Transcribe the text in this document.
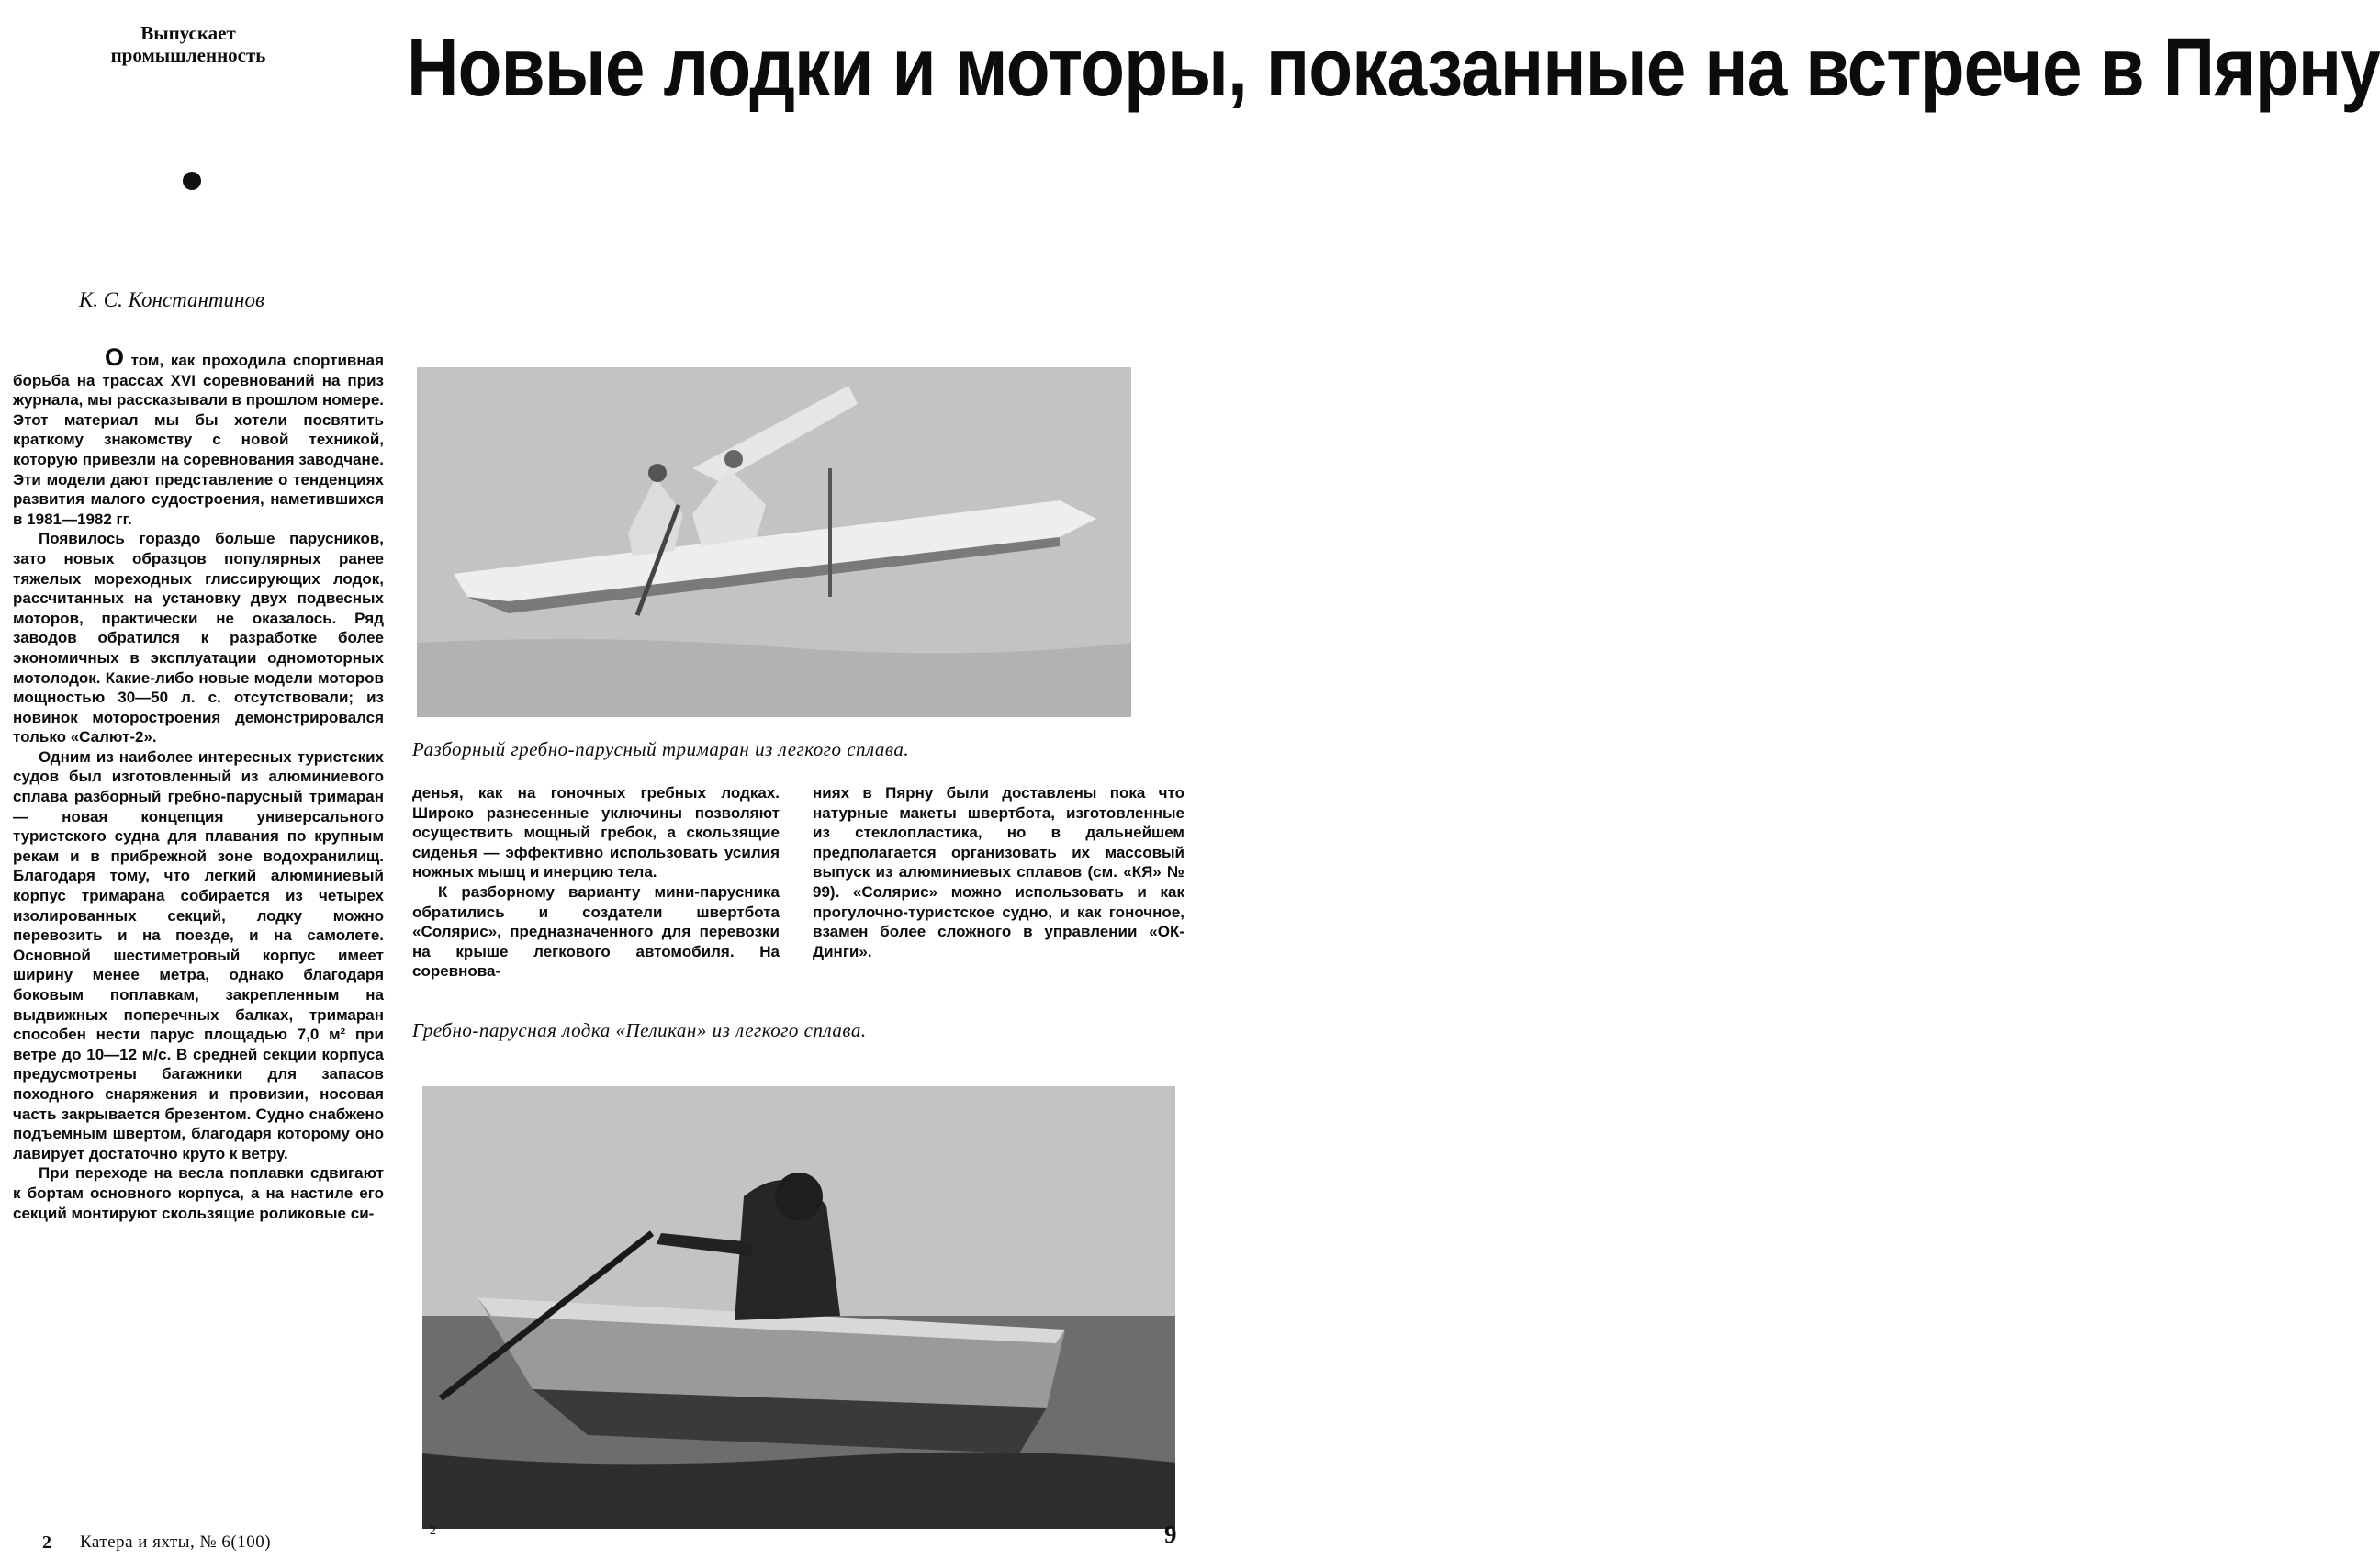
Выпускает промышленность
К. С. Константинов
Новые лодки и моторы, показанные на встрече в Пярну

О том, как проходила спортивная борьба на трассах XVI соревнований на приз журнала, мы рассказывали в прошлом номере. Этот материал мы бы хотели посвятить краткому знакомству с новой техникой, которую привезли на соревнования заводчане. Эти модели дают представление о тенденциях развития малого судостроения, наметившихся в 1981—1982 гг.

Появилось гораздо больше парусников, зато новых образцов популярных ранее тяжелых мореходных глиссирующих лодок, рассчитанных на установку двух подвесных моторов, практически не оказалось. Ряд заводов обратился к разработке более экономичных в эксплуатации одномоторных мотолодок. Какие-либо новые модели моторов мощностью 30—50 л. с. отсутствовали; из новинок моторостроения демонстрировался только «Салют-2».

Одним из наиболее интересных туристских судов был изготовленный из алюминиевого сплава разборный гребно-парусный тримаран — новая концепция универсального туристского судна для плавания по крупным рекам и в прибрежной зоне водохранилищ. Благодаря тому, что легкий алюминиевый корпус тримарана собирается из четырех изолированных секций, лодку можно перевозить и на поезде, и на самолете. Основной шестиметровый корпус имеет ширину менее метра, однако благодаря боковым поплавкам, закрепленным на выдвижных поперечных балках, тримаран способен нести парус площадью 7,0 м² при ветре до 10—12 м/с. В средней секции корпуса предусмотрены багажники для запасов походного снаряжения и провизии, носовая часть закрывается брезентом. Судно снабжено подъемным швертом, благодаря которому оно лавирует достаточно круто к ветру.

При переходе на весла поплавки сдвигают к бортам основного корпуса, а на настиле его секций монтируют скользящие роликовые си-

Разборный гребно-парусный тримаран из легкого сплава.

денья, как на гоночных гребных лодках. Широко разнесенные уключины позволяют осуществить мощный гребок, а скользящие сиденья — эффективно использовать усилия ножных мышц и инерцию тела.

К разборному варианту мини-парусника обратились и создатели швертбота «Солярис», предназначенного для перевозки на крыше легкового автомобиля. На соревнова-

ниях в Пярну были доставлены пока что натурные макеты швертбота, изготовленные из стеклопластика, но в дальнейшем предполагается организовать их массовый выпуск из алюминиевых сплавов (см. «КЯ» № 99). «Солярис» можно использовать и как прогулочно-туристское судно, и как гоночное, взамен более сложного в управлении «ОК-Динги».

Гребно-парусная лодка «Пеликан» из легкого сплава.
2 Катера и яхты, № 6(100)
2	9
